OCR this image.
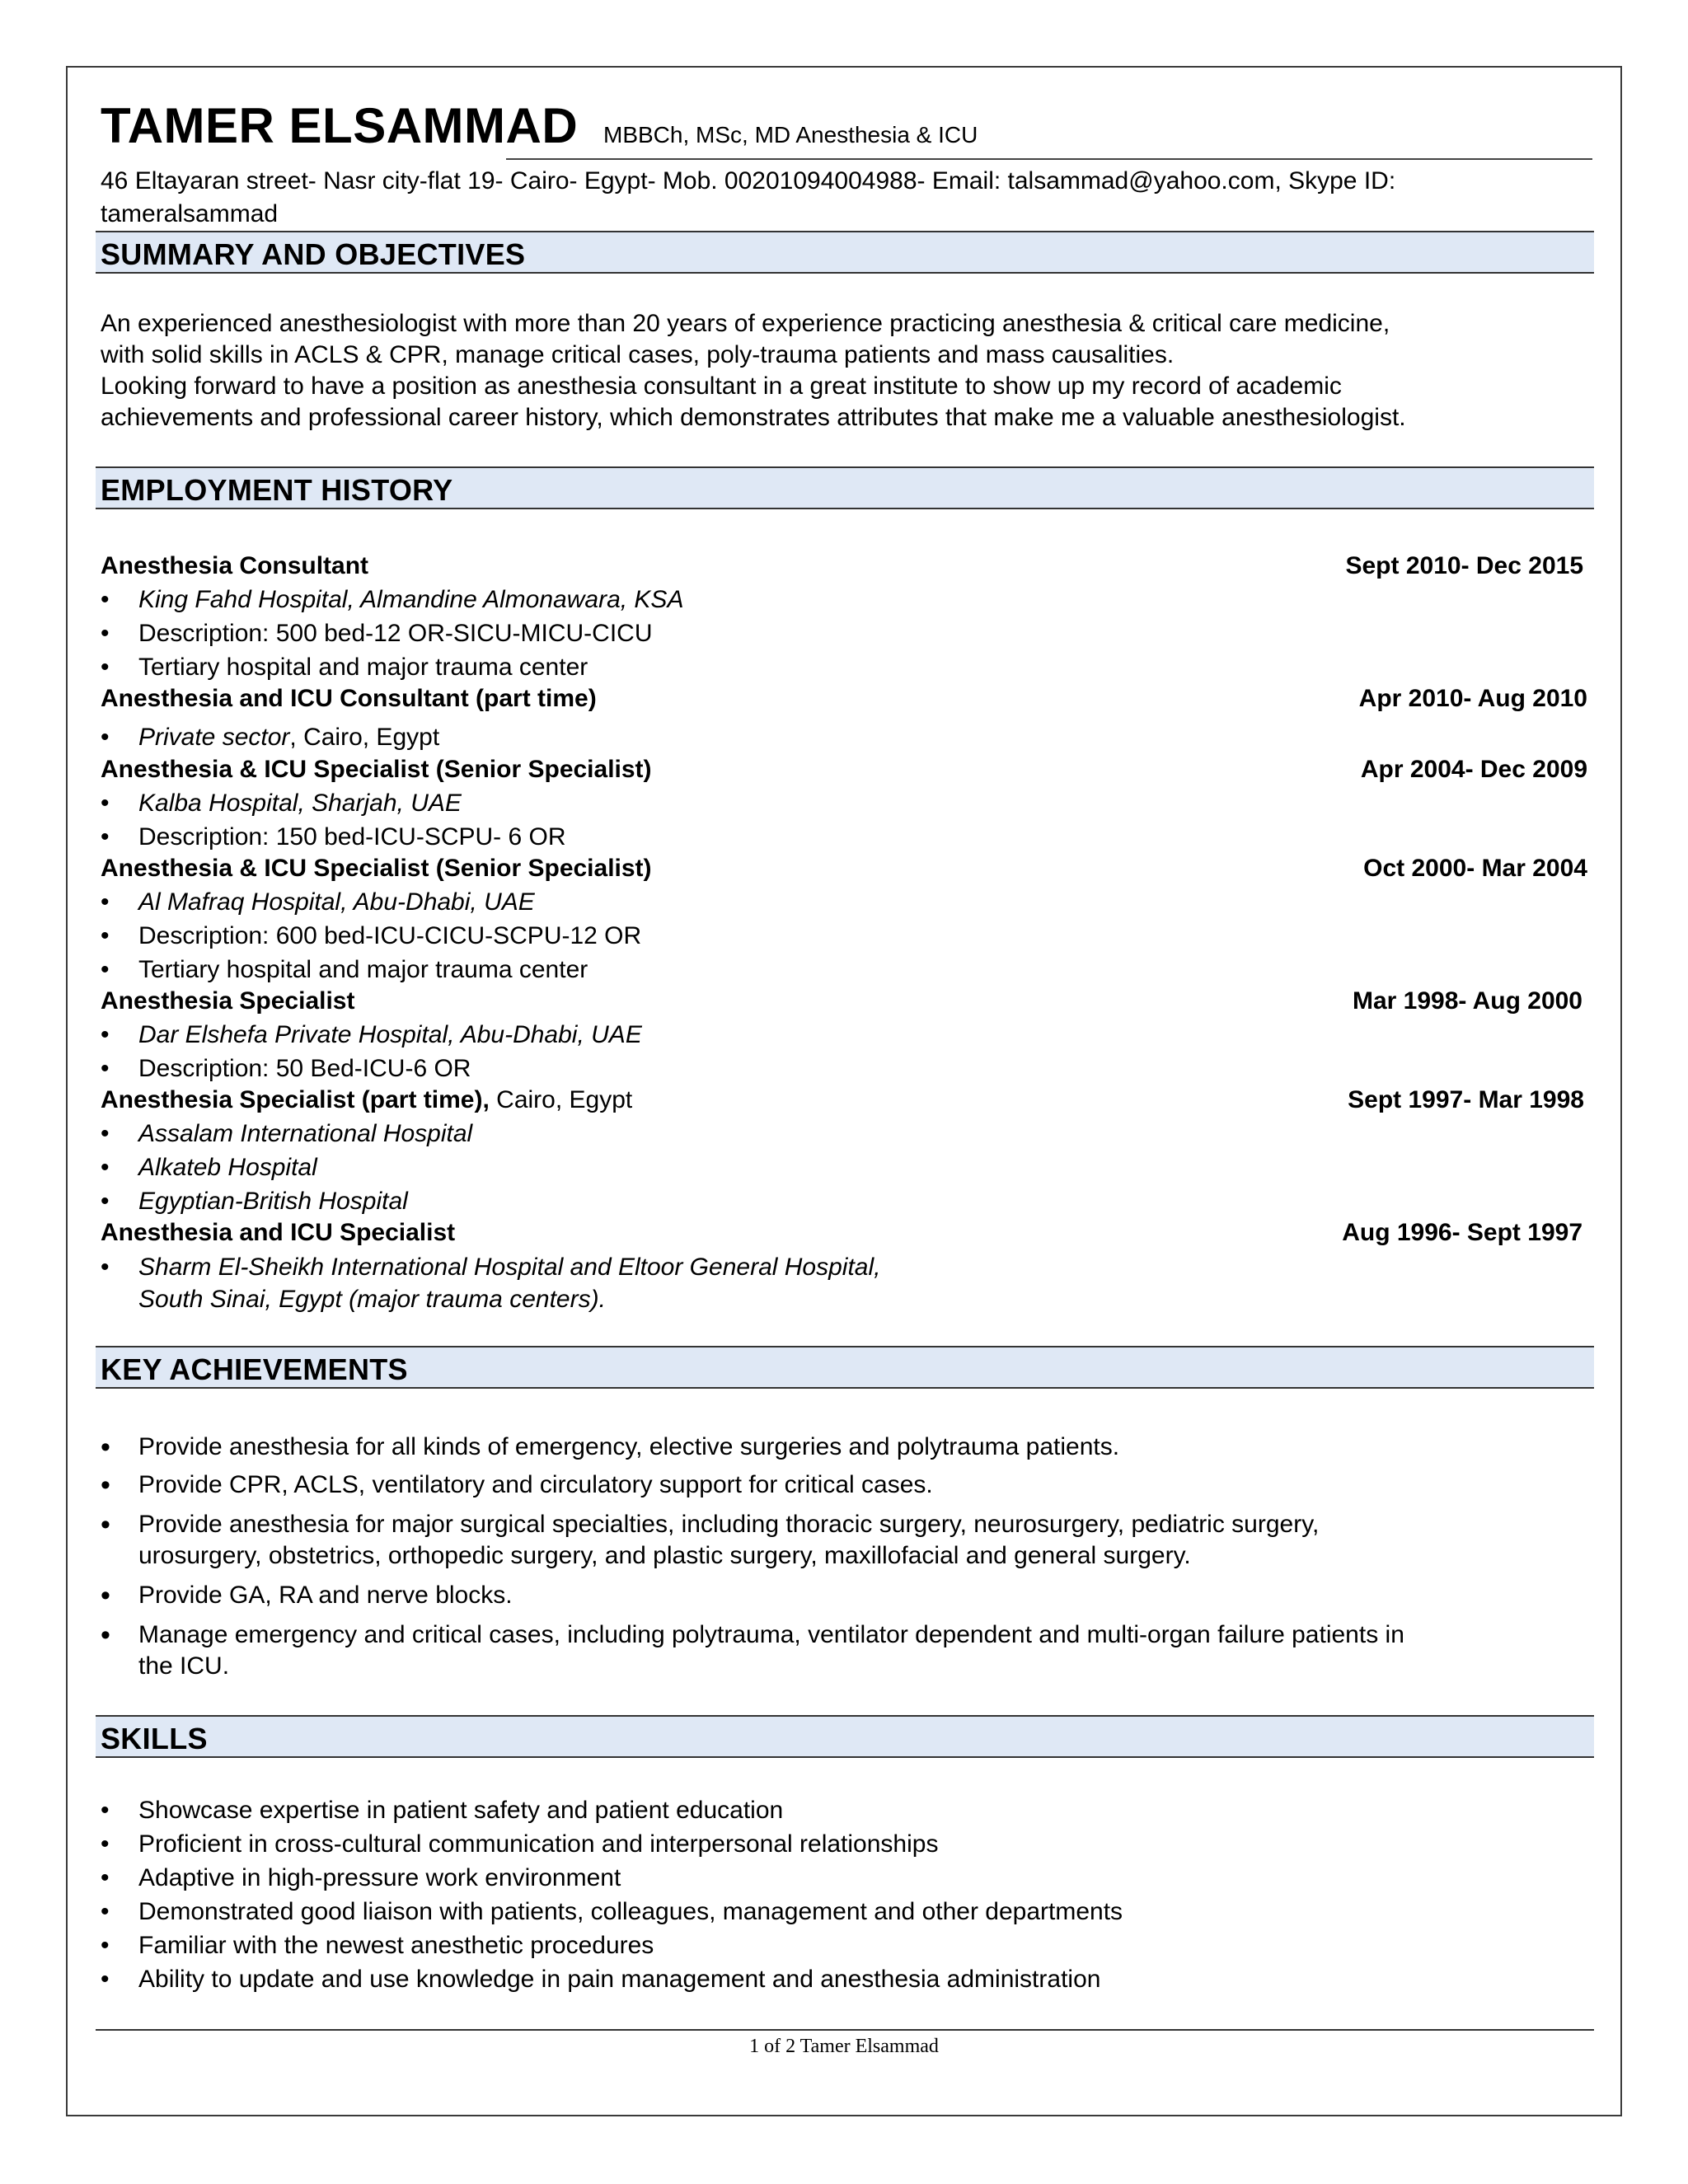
TAMER ELSAMMAD MBBCh, MSc, MD Anesthesia & ICU
46 Eltayaran street- Nasr city-flat 19- Cairo- Egypt- Mob. 00201094004988- Email: talsammad@yahoo.com, Skype ID:
tameralsammad
SUMMARY AND OBJECTIVES
An experienced anesthesiologist with more than 20 years of experience practicing anesthesia & critical care medicine,
with solid skills in ACLS & CPR, manage critical cases, poly-trauma patients and mass causalities.
Looking forward to have a position as anesthesia consultant in a great institute to show up my record of academic
achievements and professional career history, which demonstrates attributes that make me a valuable anesthesiologist.
EMPLOYMENT HISTORY
Anesthesia Consultant	Sept 2010- Dec 2015
•	King Fahd Hospital, Almandine Almonawara, KSA
•	Description: 500 bed-12 OR-SICU-MICU-CICU
•	Tertiary hospital and major trauma center
Anesthesia and ICU Consultant (part time)	Apr 2010- Aug 2010
•	Private sector, Cairo, Egypt
Anesthesia & ICU Specialist (Senior Specialist)	Apr 2004- Dec 2009
•	Kalba Hospital, Sharjah, UAE
•	Description: 150 bed-ICU-SCPU- 6 OR
Anesthesia & ICU Specialist (Senior Specialist)	Oct 2000- Mar 2004
•	Al Mafraq Hospital, Abu-Dhabi, UAE
•	Description: 600 bed-ICU-CICU-SCPU-12 OR
•	Tertiary hospital and major trauma center
Anesthesia Specialist	Mar 1998- Aug 2000
•	Dar Elshefa Private Hospital, Abu-Dhabi, UAE
•	Description: 50 Bed-ICU-6 OR
Anesthesia Specialist (part time), Cairo, Egypt	Sept 1997- Mar 1998
•	Assalam International Hospital
•	Alkateb Hospital
•	Egyptian-British Hospital
Anesthesia and ICU Specialist	Aug 1996- Sept 1997
•	Sharm El-Sheikh International Hospital and Eltoor General Hospital,
South Sinai, Egypt (major trauma centers).
KEY ACHIEVEMENTS
• Provide anesthesia for all kinds of emergency, elective surgeries and polytrauma patients.
• Provide CPR, ACLS, ventilatory and circulatory support for critical cases.
• Provide anesthesia for major surgical specialties, including thoracic surgery, neurosurgery, pediatric surgery,
urosurgery, obstetrics, orthopedic surgery, and plastic surgery, maxillofacial and general surgery.
• Provide GA, RA and nerve blocks.
• Manage emergency and critical cases, including polytrauma, ventilator dependent and multi-organ failure patients in
the ICU.
SKILLS
•	Showcase expertise in patient safety and patient education
•	Proficient in cross-cultural communication and interpersonal relationships
•	Adaptive in high-pressure work environment
•	Demonstrated good liaison with patients, colleagues, management and other departments
•	Familiar with the newest anesthetic procedures
•	Ability to update and use knowledge in pain management and anesthesia administration
1 of 2 Tamer Elsammad
